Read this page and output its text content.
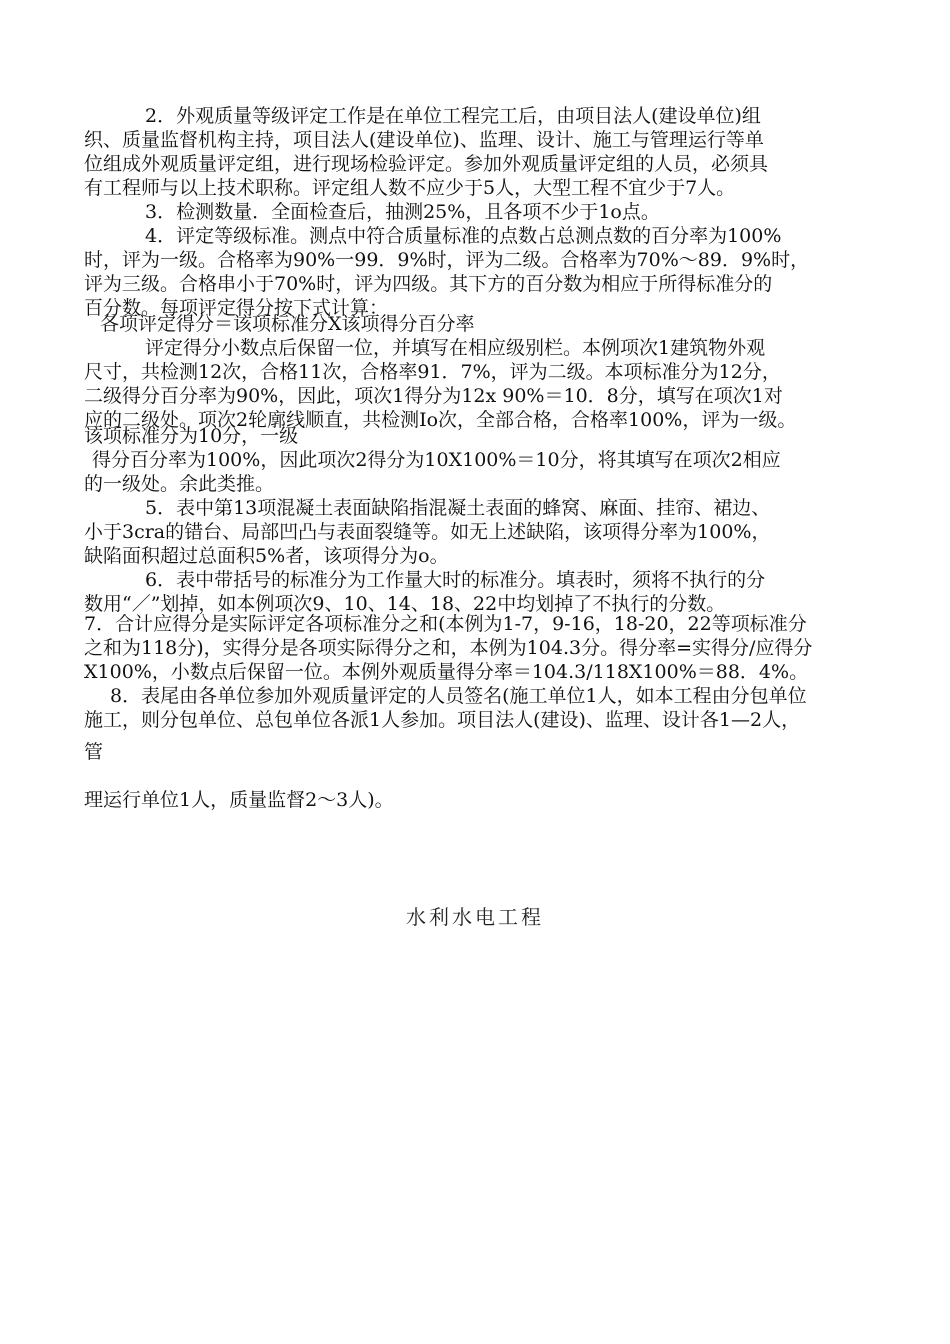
2．外观质量等级评定工作是在单位工程完工后，由项目法人(建设单位)组
织、质量监督机构主持，项目法人(建设单位)、监理、设计、施工与管理运行等单
位组成外观质量评定组，进行现场检验评定。参加外观质量评定组的人员，必须具
有工程师与以上技术职称。评定组人数不应少于5人，大型工程不宜少于7人。
3．检测数量．全面检查后，抽测25%，且各项不少于1o点。
4．评定等级标准。测点中符合质量标准的点数占总测点数的百分率为100%
时，评为一级。合格率为90%一99．9%时，评为二级。合格率为70%～89．9%时，
评为三级。合格串小于70%时，评为四级。其下方的百分数为相应于所得标准分的
百分数。每项评定得分按下式计算：
各项评定得分＝该项标准分X该项得分百分率
评定得分小数点后保留一位，并填写在相应级别栏。本例项次1建筑物外观
尺寸，共检测12次，合格11次，合格率91．7%，评为二级。本项标准分为12分，
二级得分百分率为90%，因此，项次1得分为12x 90%＝10．8分，填写在项次1对
应的二级处。项次2轮廓线顺直，共检测Io次，全部合格，合格率100%，评为一级。
该项标准分为10分，一级
得分百分率为100%，因此项次2得分为10X100%＝10分，将其填写在项次2相应
的一级处。余此类推。
5．表中第13项混凝土表面缺陷指混凝土表面的蜂窝、麻面、挂帘、裙边、
小于3cra的错台、局部凹凸与表面裂缝等。如无上述缺陷，该项得分率为100%，
缺陷面积超过总面积5%者，该项得分为o。
6．表中带括号的标准分为工作量大时的标准分。填表时，须将不执行的分
数用“／”划掉，如本例项次9、10、14、18、22中均划掉了不执行的分数。
7．合计应得分是实际评定各项标准分之和(本例为1-7，9-16，18-20，22等项标准分
之和为118分)，实得分是各项实际得分之和，本例为104.3分。得分率=实得分/应得分
X100%，小数点后保留一位。本例外观质量得分率＝104.3/118X100%＝88．4%。
8．表尾由各单位参加外观质量评定的人员签名(施工单位1人，如本工程由分包单位
施工，则分包单位、总包单位各派1人参加。项目法人(建设)、监理、设计各1—2人，
管
理运行单位1人，质量监督2～3人)。
水利水电工程
